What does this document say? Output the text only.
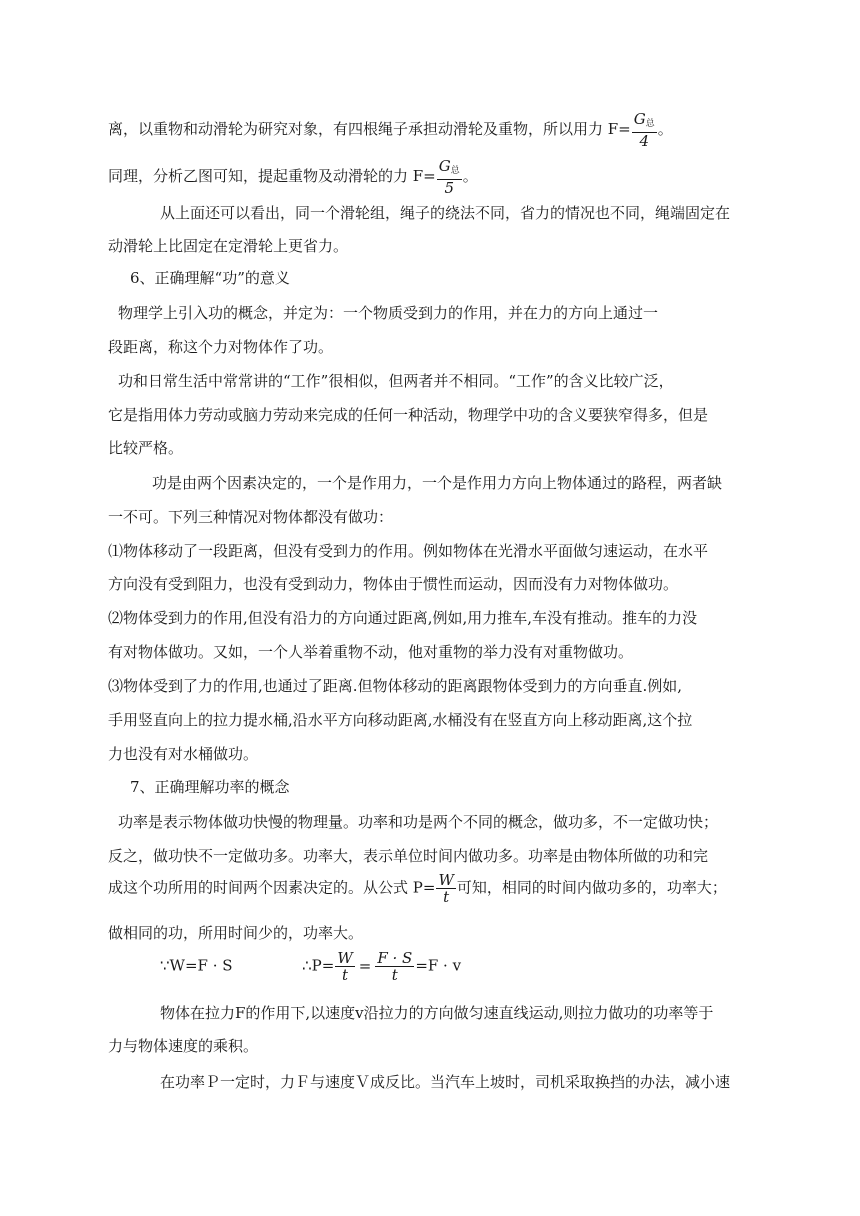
离，以重物和动滑轮为研究对象，有四根绳子承担动滑轮及重物，所以用力 $F= \frac{G_总}{4}$ 。
同理，分析乙图可知，提起重物及动滑轮的力 $F= \frac{G_总}{5}$ 。
从上面还可以看出，同一个滑轮组，绳子的绕法不同，省力的情况也不同，绳端固定在
动滑轮上比固定在定滑轮上更省力。
6、正确理解“功”的意义
物理学上引入功的概念，并定为：一个物质受到力的作用，并在力的方向上通过一
段距离，称这个力对物体作了功。
功和日常生活中常常讲的“工作”很相似，但两者并不相同。“工作”的含义比较广泛，
它是指用体力劳动或脑力劳动来完成的任何一种活动，物理学中功的含义要狭窄得多，但是
比较严格。
功是由两个因素决定的，一个是作用力，一个是作用力方向上物体通过的路程，两者缺
一不可。下列三种情况对物体都没有做功：
⑴物体移动了一段距离，但没有受到力的作用。例如物体在光滑水平面做匀速运动，在水平
方向没有受到阻力，也没有受到动力，物体由于惯性而运动，因而没有力对物体做功。
⑵物体受到力的作用,但没有沿力的方向通过距离,例如,用力推车,车没有推动。推车的力没
有对物体做功。又如，一个人举着重物不动，他对重物的举力没有对重物做功。
⑶物体受到了力的作用,也通过了距离.但物体移动的距离跟物体受到力的方向垂直.例如,
手用竖直向上的拉力提水桶,沿水平方向移动距离,水桶没有在竖直方向上移动距离,这个拉
力也没有对水桶做功。
7、正确理解功率的概念
功率是表示物体做功快慢的物理量。功率和功是两个不同的概念，做功多，不一定做功快；
反之，做功快不一定做功多。功率大，表示单位时间内做功多。功率是由物体所做的功和完
成这个功所用的时间两个因素决定的。从公式 $P= \frac{W}{t}$ 可知，相同的时间内做功多的，功率大；
做相同的功，所用时间少的，功率大。
∵W=F · S	∴P= $\frac{W}{t} = \frac{F \cdot S}{t} =F \cdot v$
物体在拉力F的作用下,以速度v沿拉力的方向做匀速直线运动,则拉力做功的功率等于
力与物体速度的乘积。
在功率Ｐ一定时，力Ｆ与速度Ｖ成反比。当汽车上坡时，司机采取换挡的办法，减小速
